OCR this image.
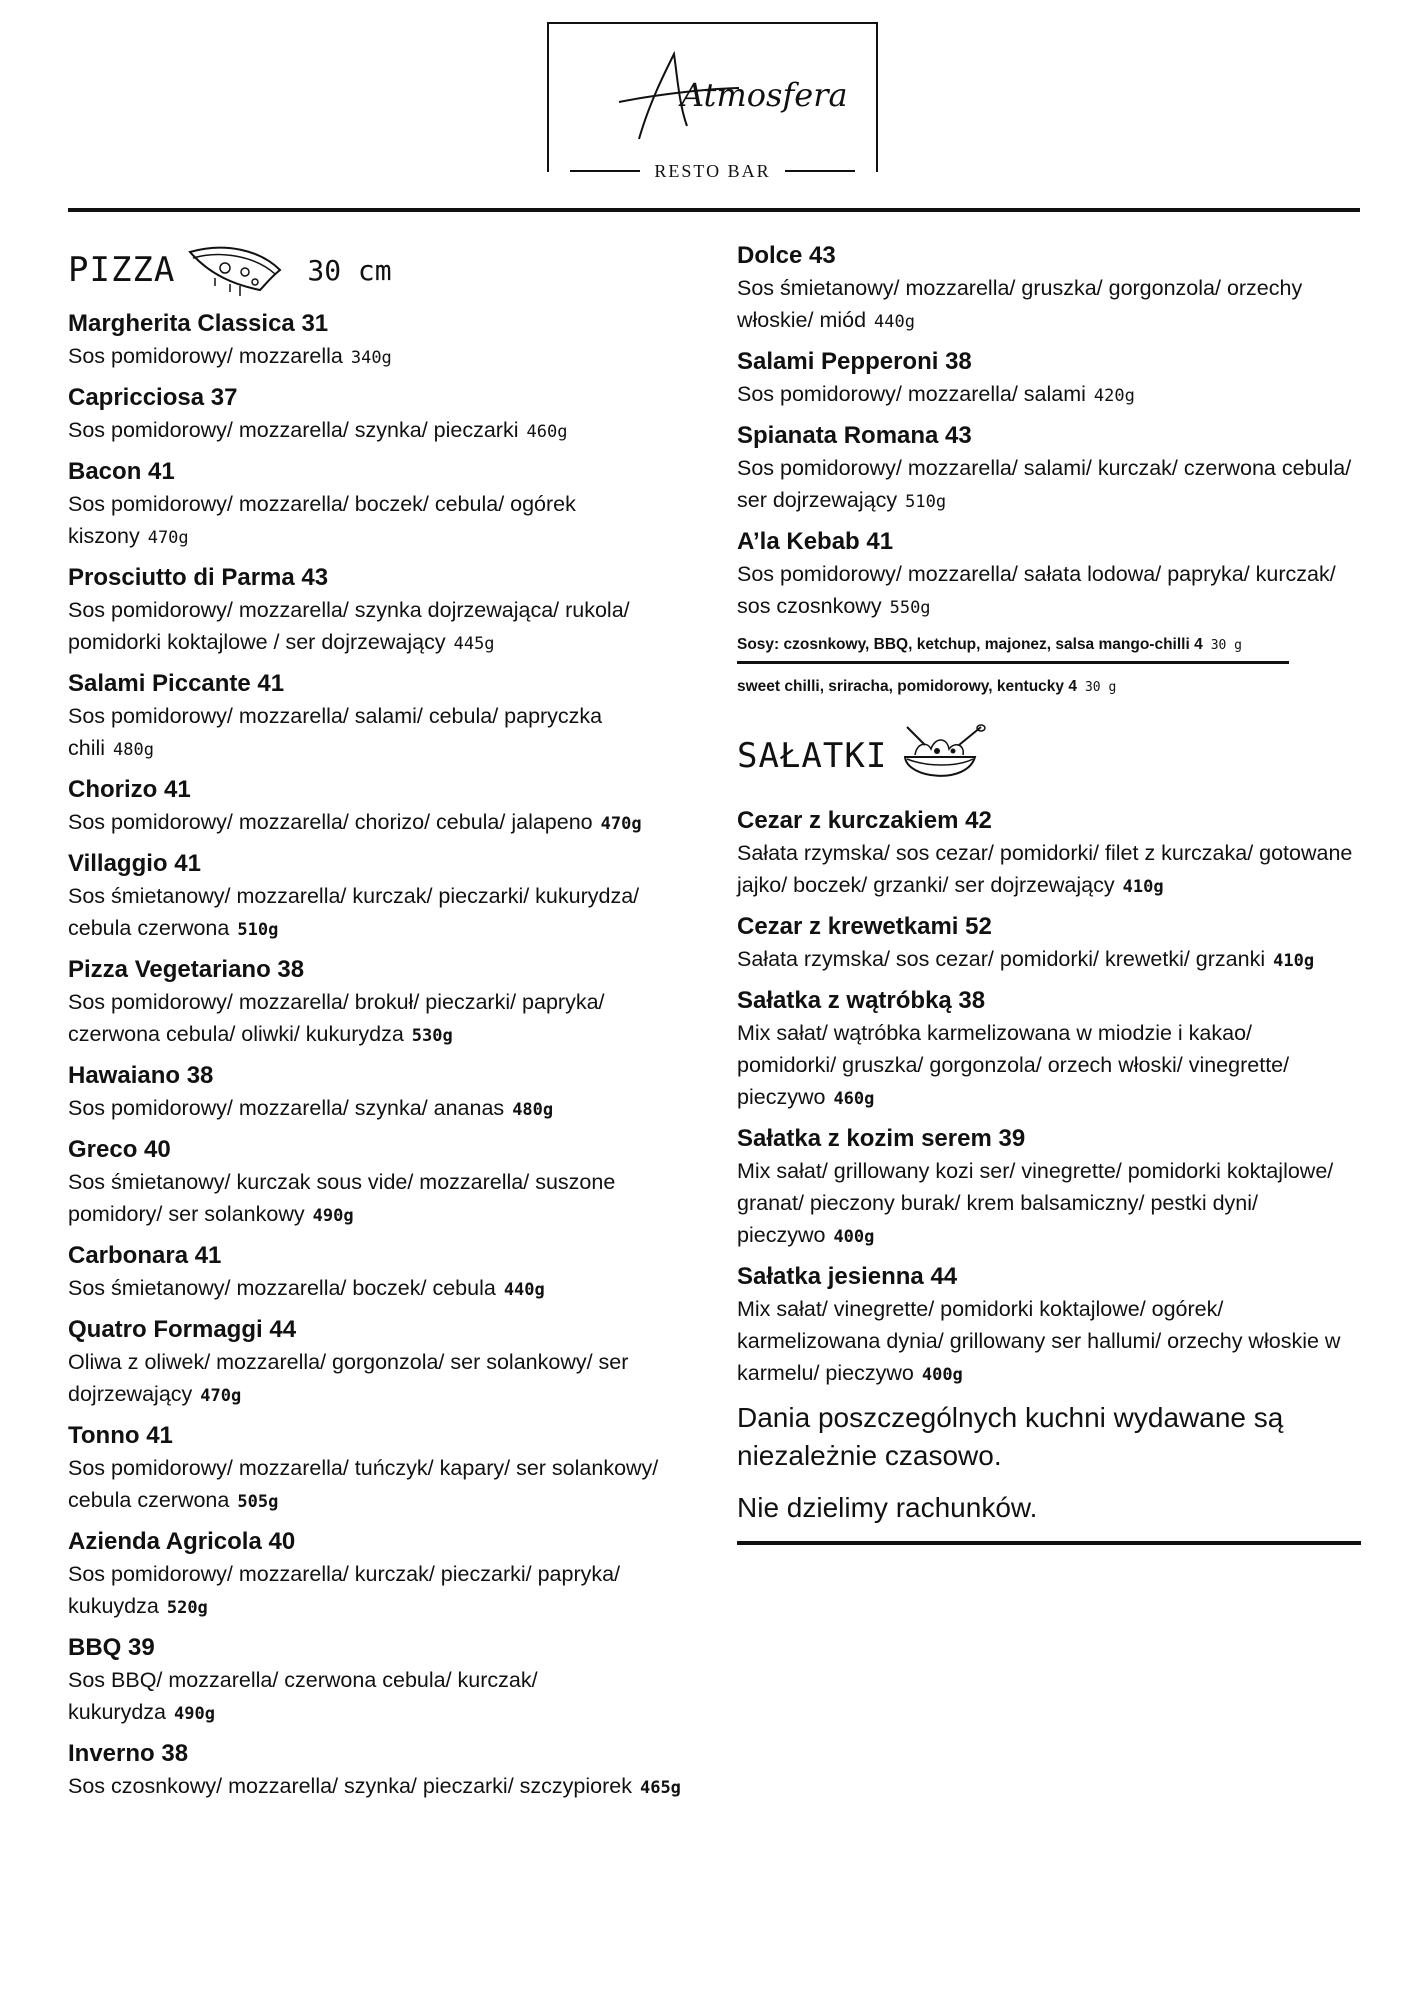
Atmosfera
RESTO BAR
PIZZA	30 cm
Margherita Classica 31
Sos pomidorowy/ mozzarella 340g
Capricciosa 37
Sos pomidorowy/ mozzarella/ szynka/ pieczarki 460g
Bacon 41
Sos pomidorowy/ mozzarella/ boczek/ cebula/ ogórek kiszony 470g
Prosciutto di Parma 43
Sos pomidorowy/ mozzarella/ szynka dojrzewająca/ rukola/ pomidorki koktajlowe / ser dojrzewający 445g
Salami Piccante 41
Sos pomidorowy/ mozzarella/ salami/ cebula/ papryczka chili 480g
Chorizo 41
Sos pomidorowy/ mozzarella/ chorizo/ cebula/ jalapeno 470g
Villaggio 41
Sos śmietanowy/ mozzarella/ kurczak/ pieczarki/ kukurydza/ cebula czerwona 510g
Pizza Vegetariano 38
Sos pomidorowy/ mozzarella/ brokuł/ pieczarki/ papryka/ czerwona cebula/ oliwki/ kukurydza 530g
Hawaiano 38
Sos pomidorowy/ mozzarella/ szynka/ ananas 480g
Greco 40
Sos śmietanowy/ kurczak sous vide/ mozzarella/ suszone pomidory/ ser solankowy 490g
Carbonara 41
Sos śmietanowy/ mozzarella/ boczek/ cebula 440g
Quatro Formaggi 44
Oliwa z oliwek/ mozzarella/ gorgonzola/ ser solankowy/ ser dojrzewający 470g
Tonno 41
Sos pomidorowy/ mozzarella/ tuńczyk/ kapary/ ser solankowy/ cebula czerwona 505g
Azienda Agricola 40
Sos pomidorowy/ mozzarella/ kurczak/ pieczarki/ papryka/ kukuydza 520g
BBQ 39
Sos BBQ/ mozzarella/ czerwona cebula/ kurczak/ kukurydza 490g
Inverno 38
Sos czosnkowy/ mozzarella/ szynka/ pieczarki/ szczypiorek 465g
Dolce 43
Sos śmietanowy/ mozzarella/ gruszka/ gorgonzola/ orzechy włoskie/ miód 440g
Salami Pepperoni 38
Sos pomidorowy/ mozzarella/ salami 420g
Spianata Romana 43
Sos pomidorowy/ mozzarella/ salami/ kurczak/ czerwona cebula/ ser dojrzewający 510g
A’la Kebab 41
Sos pomidorowy/ mozzarella/ sałata lodowa/ papryka/ kurczak/ sos czosnkowy 550g
Sosy: czosnkowy, BBQ, ketchup, majonez, salsa mango-chilli 4 30 g
sweet chilli, sriracha, pomidorowy, kentucky 4 30 g
SAŁATKI
Cezar z kurczakiem 42
Sałata rzymska/ sos cezar/ pomidorki/ filet z kurczaka/ gotowane jajko/ boczek/ grzanki/ ser dojrzewający 410g
Cezar z krewetkami 52
Sałata rzymska/ sos cezar/ pomidorki/ krewetki/ grzanki 410g
Sałatka z wątróbką 38
Mix sałat/ wątróbka karmelizowana w miodzie i kakao/ pomidorki/ gruszka/ gorgonzola/ orzech włoski/ vinegrette/ pieczywo 460g
Sałatka z kozim serem 39
Mix sałat/ grillowany kozi ser/ vinegrette/ pomidorki koktajlowe/ granat/ pieczony burak/ krem balsamiczny/ pestki dyni/ pieczywo 400g
Sałatka jesienna 44
Mix sałat/ vinegrette/ pomidorki koktajlowe/ ogórek/ karmelizowana dynia/ grillowany ser hallumi/ orzechy włoskie w karmelu/ pieczywo 400g
Dania poszczególnych kuchni wydawane są niezależnie czasowo.
Nie dzielimy rachunków.
